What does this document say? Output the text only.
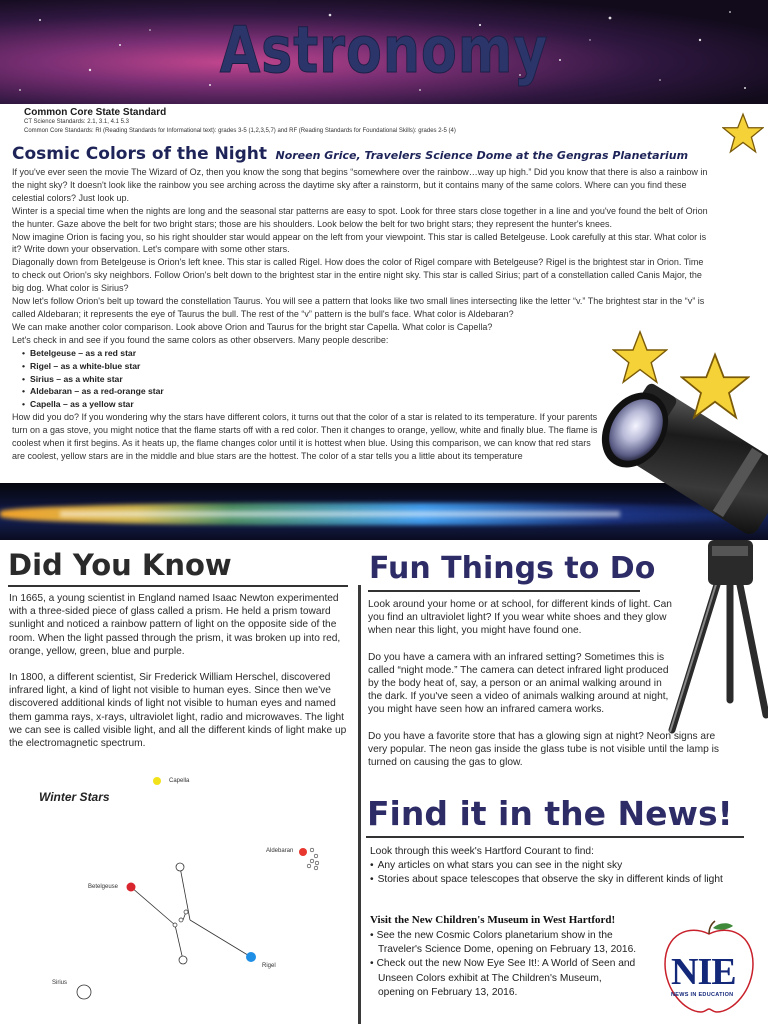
Astronomy
Common Core State Standard
CT Science Standards: 2.1, 3.1, 4.1 5.3
Common Core Standards: RI (Reading Standards for Informational text): grades 3-5 (1,2,3,5,7) and RF (Reading Standards for Foundational Skills): grades 2-5 (4)
Cosmic Colors of the Night Noreen Grice, Travelers Science Dome at the Gengras Planetarium

If you've ever seen the movie The Wizard of Oz, then you know the song that begins “somewhere over the rainbow…way up high.” Did you know that there is also a rainbow in the night sky? It doesn't look like the rainbow you see arching across the daytime sky after a rainstorm, but it contains many of the same colors. Where can you find these celestial colors? Just look up.

Winter is a special time when the nights are long and the seasonal star patterns are easy to spot. Look for three stars close together in a line and you've found the belt of Orion the hunter. Gaze above the belt for two bright stars; those are his shoulders. Look below the belt for two bright stars; they represent the hunter's knees.

Now imagine Orion is facing you, so his right shoulder star would appear on the left from your viewpoint. This star is called Betelgeuse. Look carefully at this star. What color is it? Write down your observation. Let's compare with some other stars.

Diagonally down from Betelgeuse is Orion's left knee. This star is called Rigel. How does the color of Rigel compare with Betelgeuse? Rigel is the brightest star in Orion. Time to check out Orion's sky neighbors. Follow Orion's belt down to the brightest star in the entire night sky. This star is called Sirius; part of a constellation called Canis Major, the big dog. What color is Sirius?

Now let's follow Orion's belt up toward the constellation Taurus. You will see a pattern that looks like two small lines intersecting like the letter “v.” The brightest star in the “v” is called Aldebaran; it represents the eye of Taurus the bull. The rest of the “v” pattern is the bull's face. What color is Aldebaran?

We can make another color comparison. Look above Orion and Taurus for the bright star Capella. What color is Capella?

Let's check in and see if you found the same colors as other observers. Many people describe:

• Betelgeuse – as a red star
• Rigel – as a white-blue star
• Sirius – as a white star
• Aldebaran – as a red-orange star
• Capella – as a yellow star

How did you do? If you wondering why the stars have different colors, it turns out that the color of a star is related to its temperature. If your parents turn on a gas stove, you might notice that the flame starts off with a red color. Then it changes to orange, yellow, white and finally blue. The flame is coolest when it first begins. As it heats up, the flame changes color until it is hottest when blue. Using this comparison, we can know that red stars are coolest, yellow stars are in the middle and blue stars are the hottest. The color of a star tells you a little about its temperature

Did You Know

In 1665, a young scientist in England named Isaac Newton experimented with a three-sided piece of glass called a prism. He held a prism toward sunlight and noticed a rainbow pattern of light on the opposite side of the room. When the light passed through the prism, it was broken up into red, orange, yellow, green, blue and purple.

In 1800, a different scientist, Sir Frederick William Herschel, discovered infrared light, a kind of light not visible to human eyes. Since then we've discovered additional kinds of light not visible to human eyes and named them gamma rays, x-rays, ultraviolet light, radio and microwaves. The light we can see is called visible light, and all the different kinds of light make up the electromagnetic spectrum.

Winter Stars
Capella
Aldebaran
Betelgeuse
Rigel
Sirius
Fun Things to Do

Look around your home or at school, for different kinds of light. Can you find an ultraviolet light? If you wear white shoes and they glow when near this light, you might have found one.

Do you have a camera with an infrared setting? Sometimes this is called “night mode.” The camera can detect infrared light produced by the body heat of, say, a person or an animal walking around in the dark. If you've seen a video of animals walking around at night, you might have seen how an infrared camera works.

Do you have a favorite store that has a glowing sign at night? Neon signs are very popular. The neon gas inside the glass tube is not visible until the lamp is turned on causing the gas to glow.

Find it in the News!
Look through this week's Hartford Courant to find:
• Any articles on what stars you can see in the night sky
• Stories about space telescopes that observe the sky in different kinds of light
Visit the New Children's Museum in West Hartford!
• See the new Cosmic Colors planetarium show in the Traveler's Science Dome, opening on February 13, 2016.
• Check out the new Now Eye See It!: A World of Seen and Unseen Colors exhibit at The Children's Museum, opening on February 13, 2016.	NIE
NEWS IN EDUCATION
